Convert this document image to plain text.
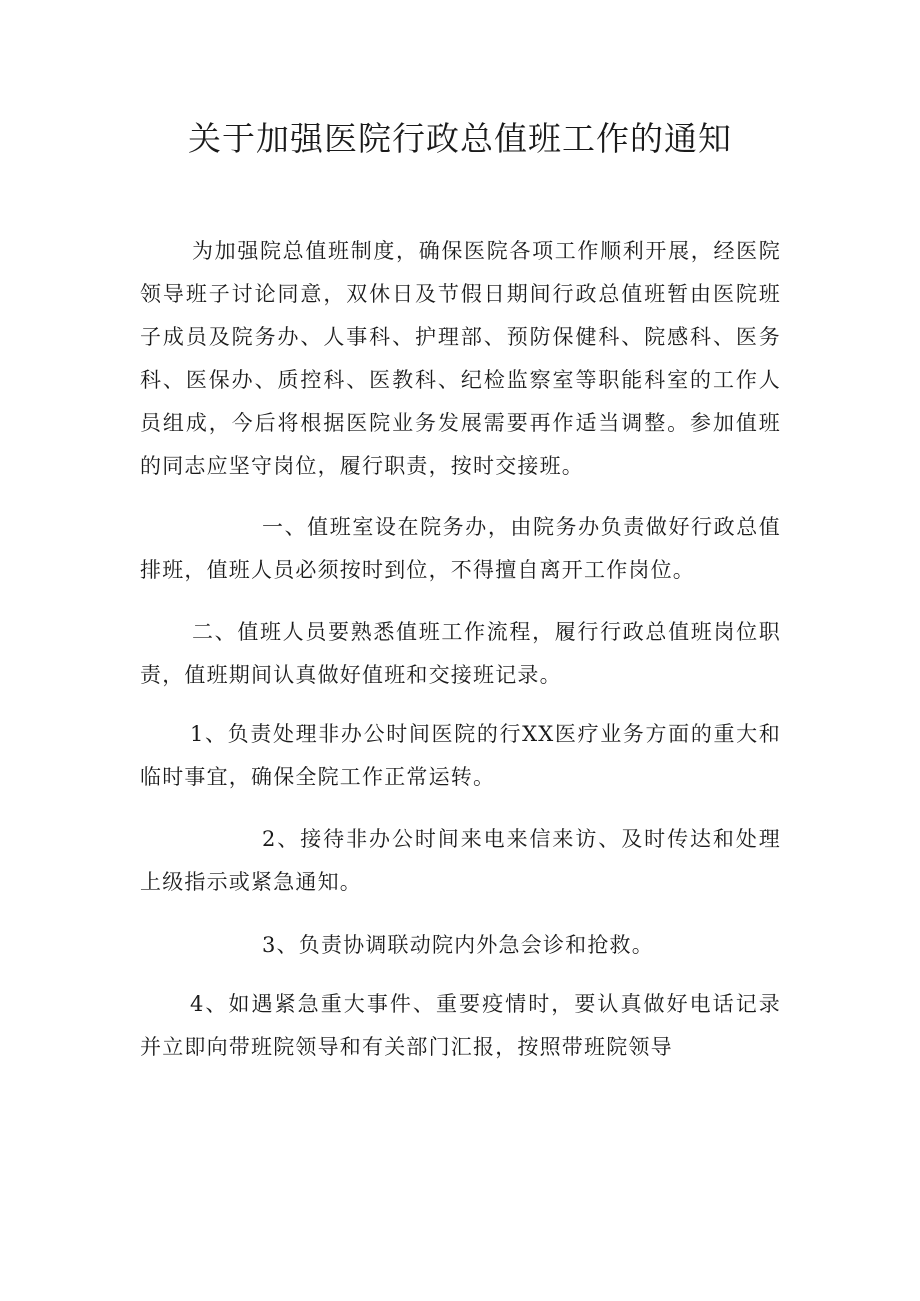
关于加强医院行政总值班工作的通知

为加强院总值班制度，确保医院各项工作顺利开展，经医院领导班子讨论同意，双休日及节假日期间行政总值班暂由医院班子成员及院务办、人事科、护理部、预防保健科、院感科、医务科、医保办、质控科、医教科、纪检监察室等职能科室的工作人员组成，今后将根据医院业务发展需要再作适当调整。参加值班的同志应坚守岗位，履行职责，按时交接班。

一、值班室设在院务办，由院务办负责做好行政总值排班，值班人员必须按时到位，不得擅自离开工作岗位。

二、值班人员要熟悉值班工作流程，履行行政总值班岗位职责，值班期间认真做好值班和交接班记录。

1、负责处理非办公时间医院的行XX医疗业务方面的重大和临时事宜，确保全院工作正常运转。

2、接待非办公时间来电来信来访、及时传达和处理上级指示或紧急通知。

3、负责协调联动院内外急会诊和抢救。

4、如遇紧急重大事件、重要疫情时，要认真做好电话记录并立即向带班院领导和有关部门汇报，按照带班院领导
